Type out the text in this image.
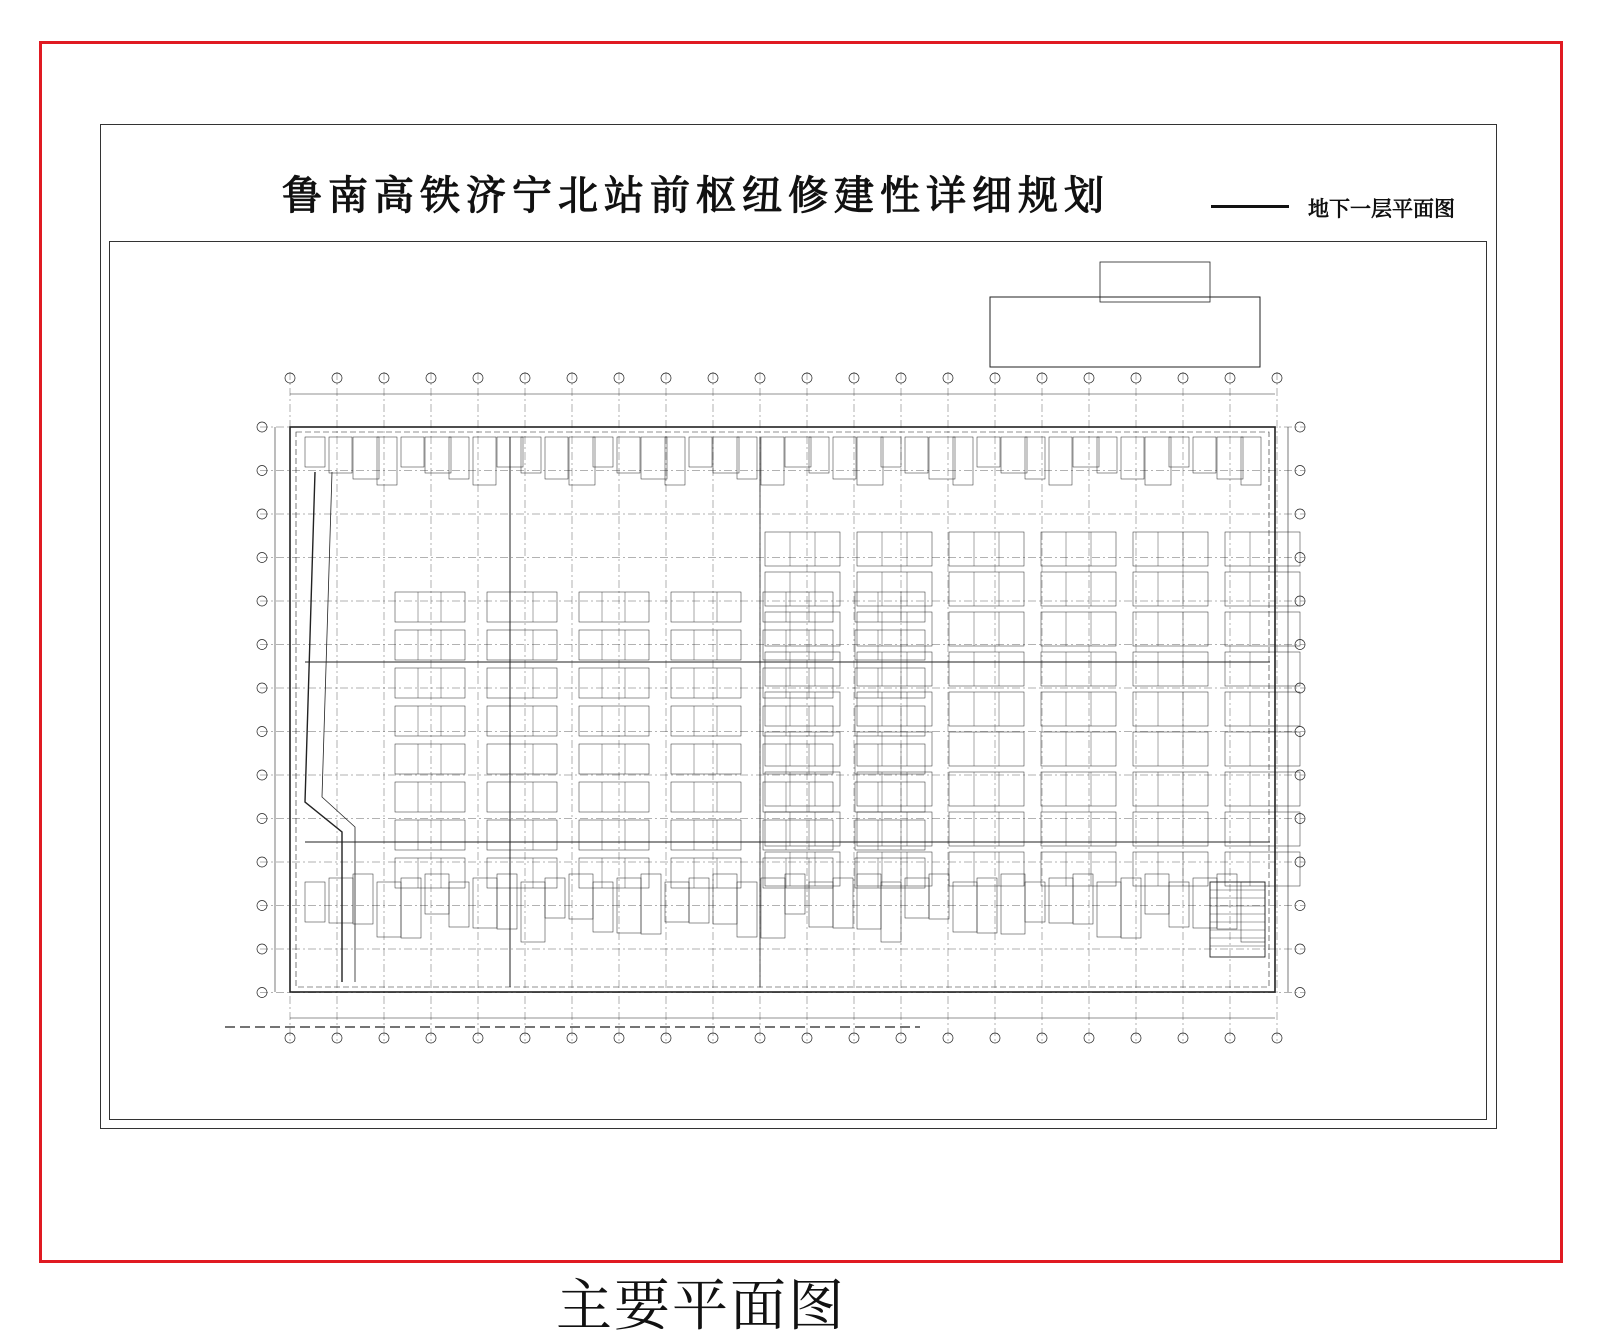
鲁南高铁济宁北站前枢纽修建性详细规划	地下一层平面图
主要平面图
